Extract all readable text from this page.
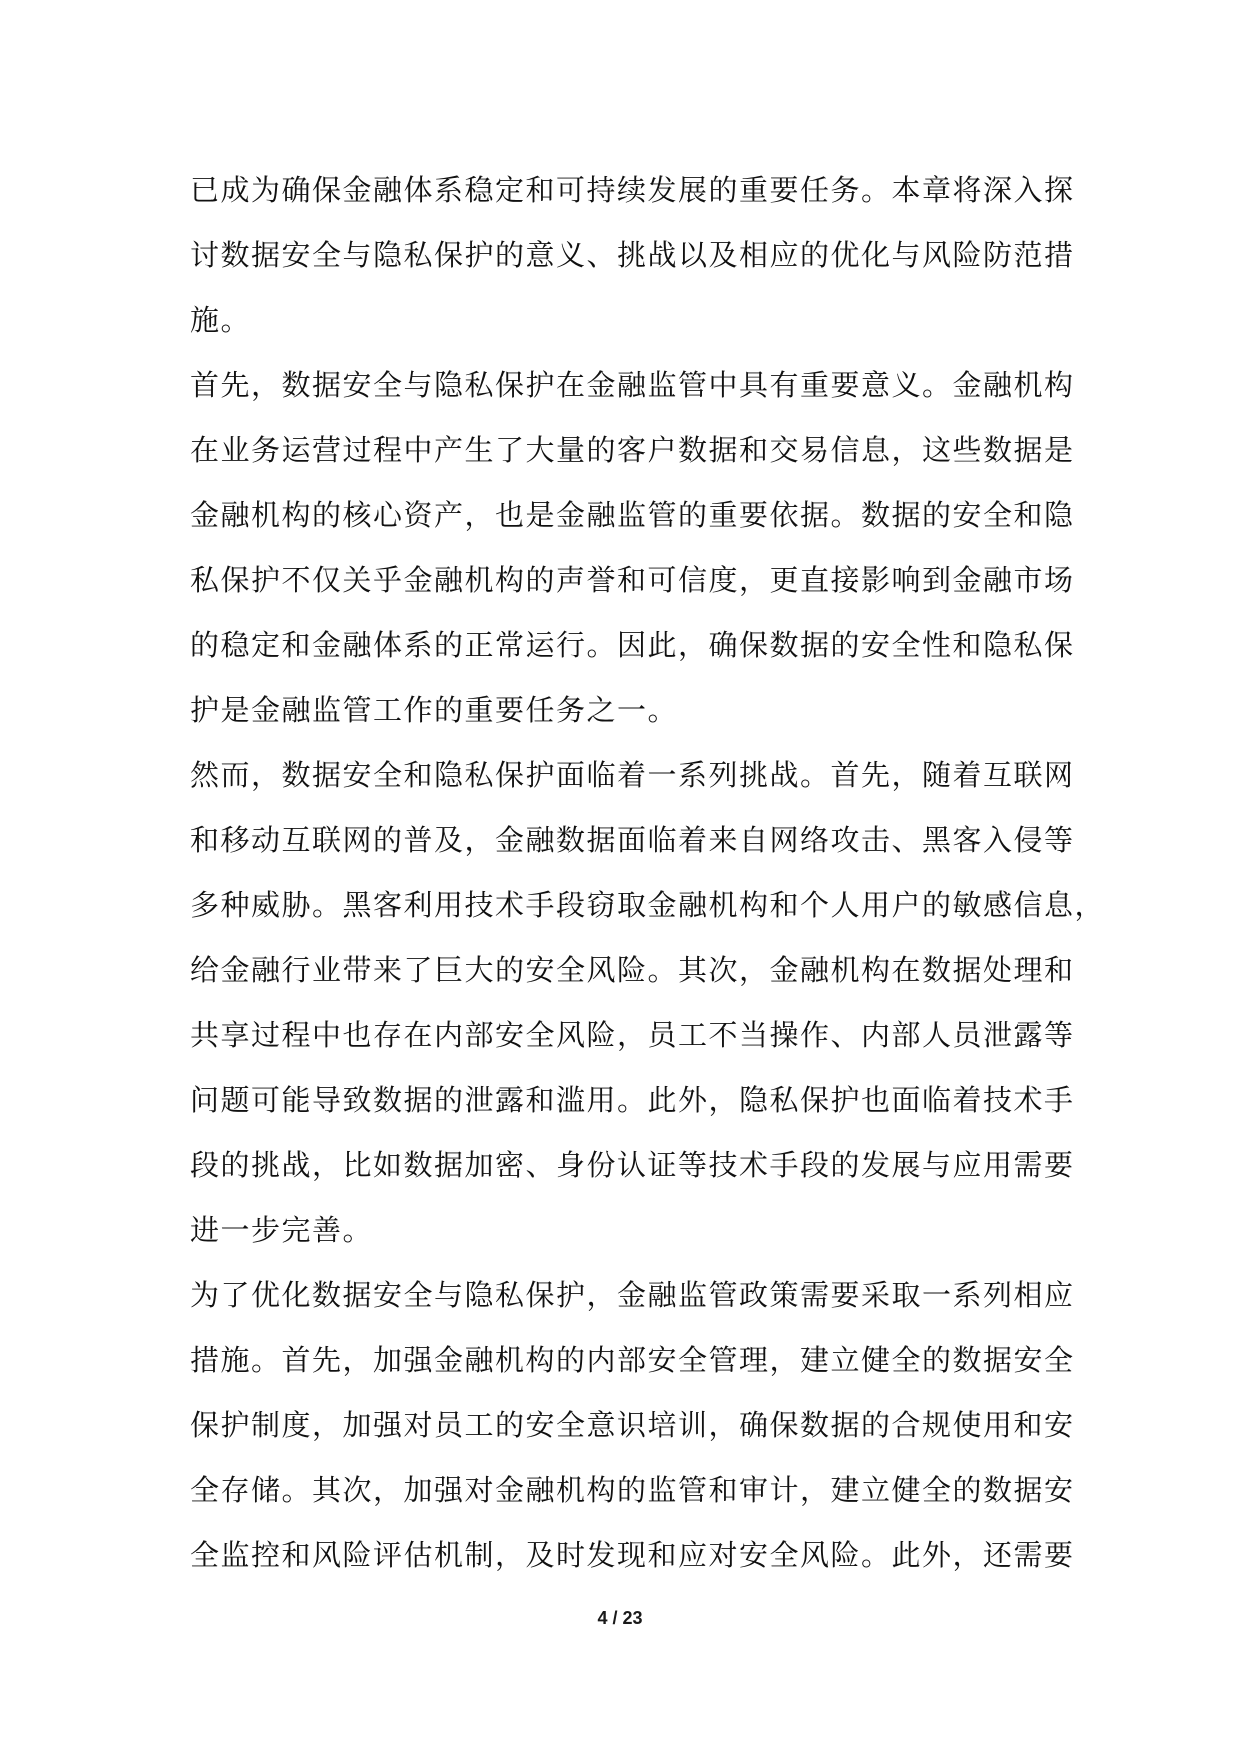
已成为确保金融体系稳定和可持续发展的重要任务。本章将深入探
讨数据安全与隐私保护的意义、挑战以及相应的优化与风险防范措
施。
首先，数据安全与隐私保护在金融监管中具有重要意义。金融机构
在业务运营过程中产生了大量的客户数据和交易信息，这些数据是
金融机构的核心资产，也是金融监管的重要依据。数据的安全和隐
私保护不仅关乎金融机构的声誉和可信度，更直接影响到金融市场
的稳定和金融体系的正常运行。因此，确保数据的安全性和隐私保
护是金融监管工作的重要任务之一。
然而，数据安全和隐私保护面临着一系列挑战。首先，随着互联网
和移动互联网的普及，金融数据面临着来自网络攻击、黑客入侵等
多种威胁。黑客利用技术手段窃取金融机构和个人用户的敏感信息，
给金融行业带来了巨大的安全风险。其次，金融机构在数据处理和
共享过程中也存在内部安全风险，员工不当操作、内部人员泄露等
问题可能导致数据的泄露和滥用。此外，隐私保护也面临着技术手
段的挑战，比如数据加密、身份认证等技术手段的发展与应用需要
进一步完善。
为了优化数据安全与隐私保护，金融监管政策需要采取一系列相应
措施。首先，加强金融机构的内部安全管理，建立健全的数据安全
保护制度，加强对员工的安全意识培训，确保数据的合规使用和安
全存储。其次，加强对金融机构的监管和审计，建立健全的数据安
全监控和风险评估机制，及时发现和应对安全风险。此外，还需要
4 / 23
